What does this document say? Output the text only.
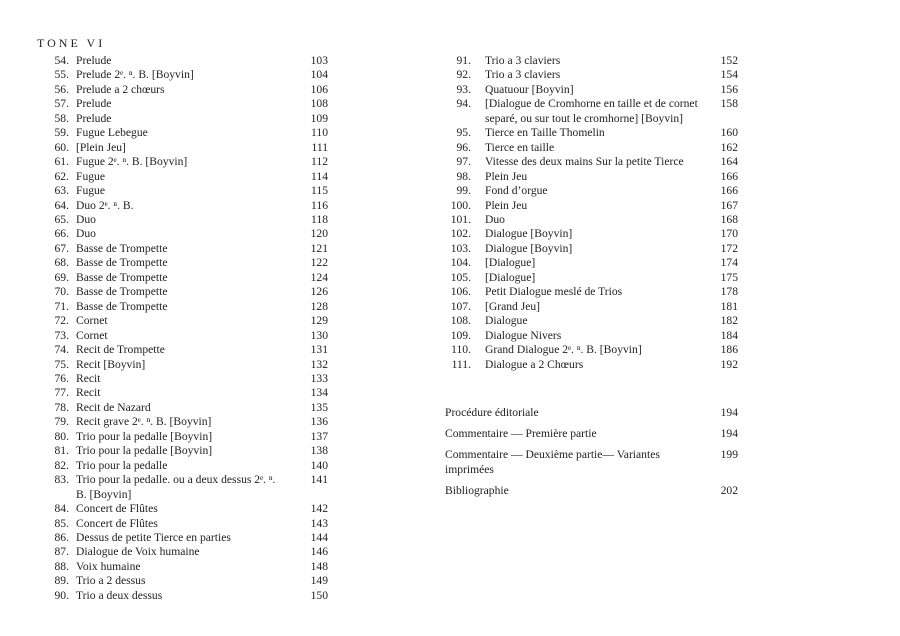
TONE VI
54. Prelude	103
55. Prelude 2ᵉ. ⁿ. B. [Boyvin]	104
56. Prelude a 2 chœurs	106
57. Prelude	108
58. Prelude	109
59. Fugue Lebegue	110
60. [Plein Jeu]	111
61. Fugue 2ᵉ. ⁿ. B. [Boyvin]	112
62. Fugue	114
63. Fugue	115
64. Duo 2ᵉ. ⁿ. B.	116
65. Duo	118
66. Duo	120
67. Basse de Trompette	121
68. Basse de Trompette	122
69. Basse de Trompette	124
70. Basse de Trompette	126
71. Basse de Trompette	128
72. Cornet	129
73. Cornet	130
74. Recit de Trompette	131
75. Recit [Boyvin]	132
76. Recit	133
77. Recit	134
78. Recit de Nazard	135
79. Recit grave 2ᵉ. ⁿ. B. [Boyvin]	136
80. Trio pour la pedalle [Boyvin]	137
81. Trio pour la pedalle [Boyvin]	138
82. Trio pour la pedalle	140
83. Trio pour la pedalle. ou a deux dessus 2ᵉ. ⁿ. B. [Boyvin]
141
84. Concert de Flûtes	142
85. Concert de Flûtes	143
86. Dessus de petite Tierce en parties	144
87. Dialogue de Voix humaine	146
88. Voix humaine	148
89. Trio a 2 dessus	149
90. Trio a deux dessus	150
91. Trio a 3 claviers	152
92. Trio a 3 claviers	154
93. Quatuour [Boyvin]	156
94. [Dialogue de Cromhorne en taille et de cornet separé, ou sur tout le cromhorne] [Boyvin]
158
95. Tierce en Taille Thomelin	160
96. Tierce en taille	162
97. Vitesse des deux mains Sur la petite Tierce	164
98. Plein Jeu	166
99. Fond d’orgue	166
100. Plein Jeu	167
101. Duo	168
102. Dialogue [Boyvin]	170
103. Dialogue [Boyvin]	172
104. [Dialogue]	174
105. [Dialogue]	175
106. Petit Dialogue meslé de Trios	178
107. [Grand Jeu]	181
108. Dialogue	182
109. Dialogue Nivers	184
110. Grand Dialogue 2ᵉ. ⁿ. B. [Boyvin]	186
111. Dialogue a 2 Chœurs	192
Procédure éditoriale	194
Commentaire — Première partie	194
Commentaire — Deuxième partie— Variantes imprimées
199
Bibliographie	202
